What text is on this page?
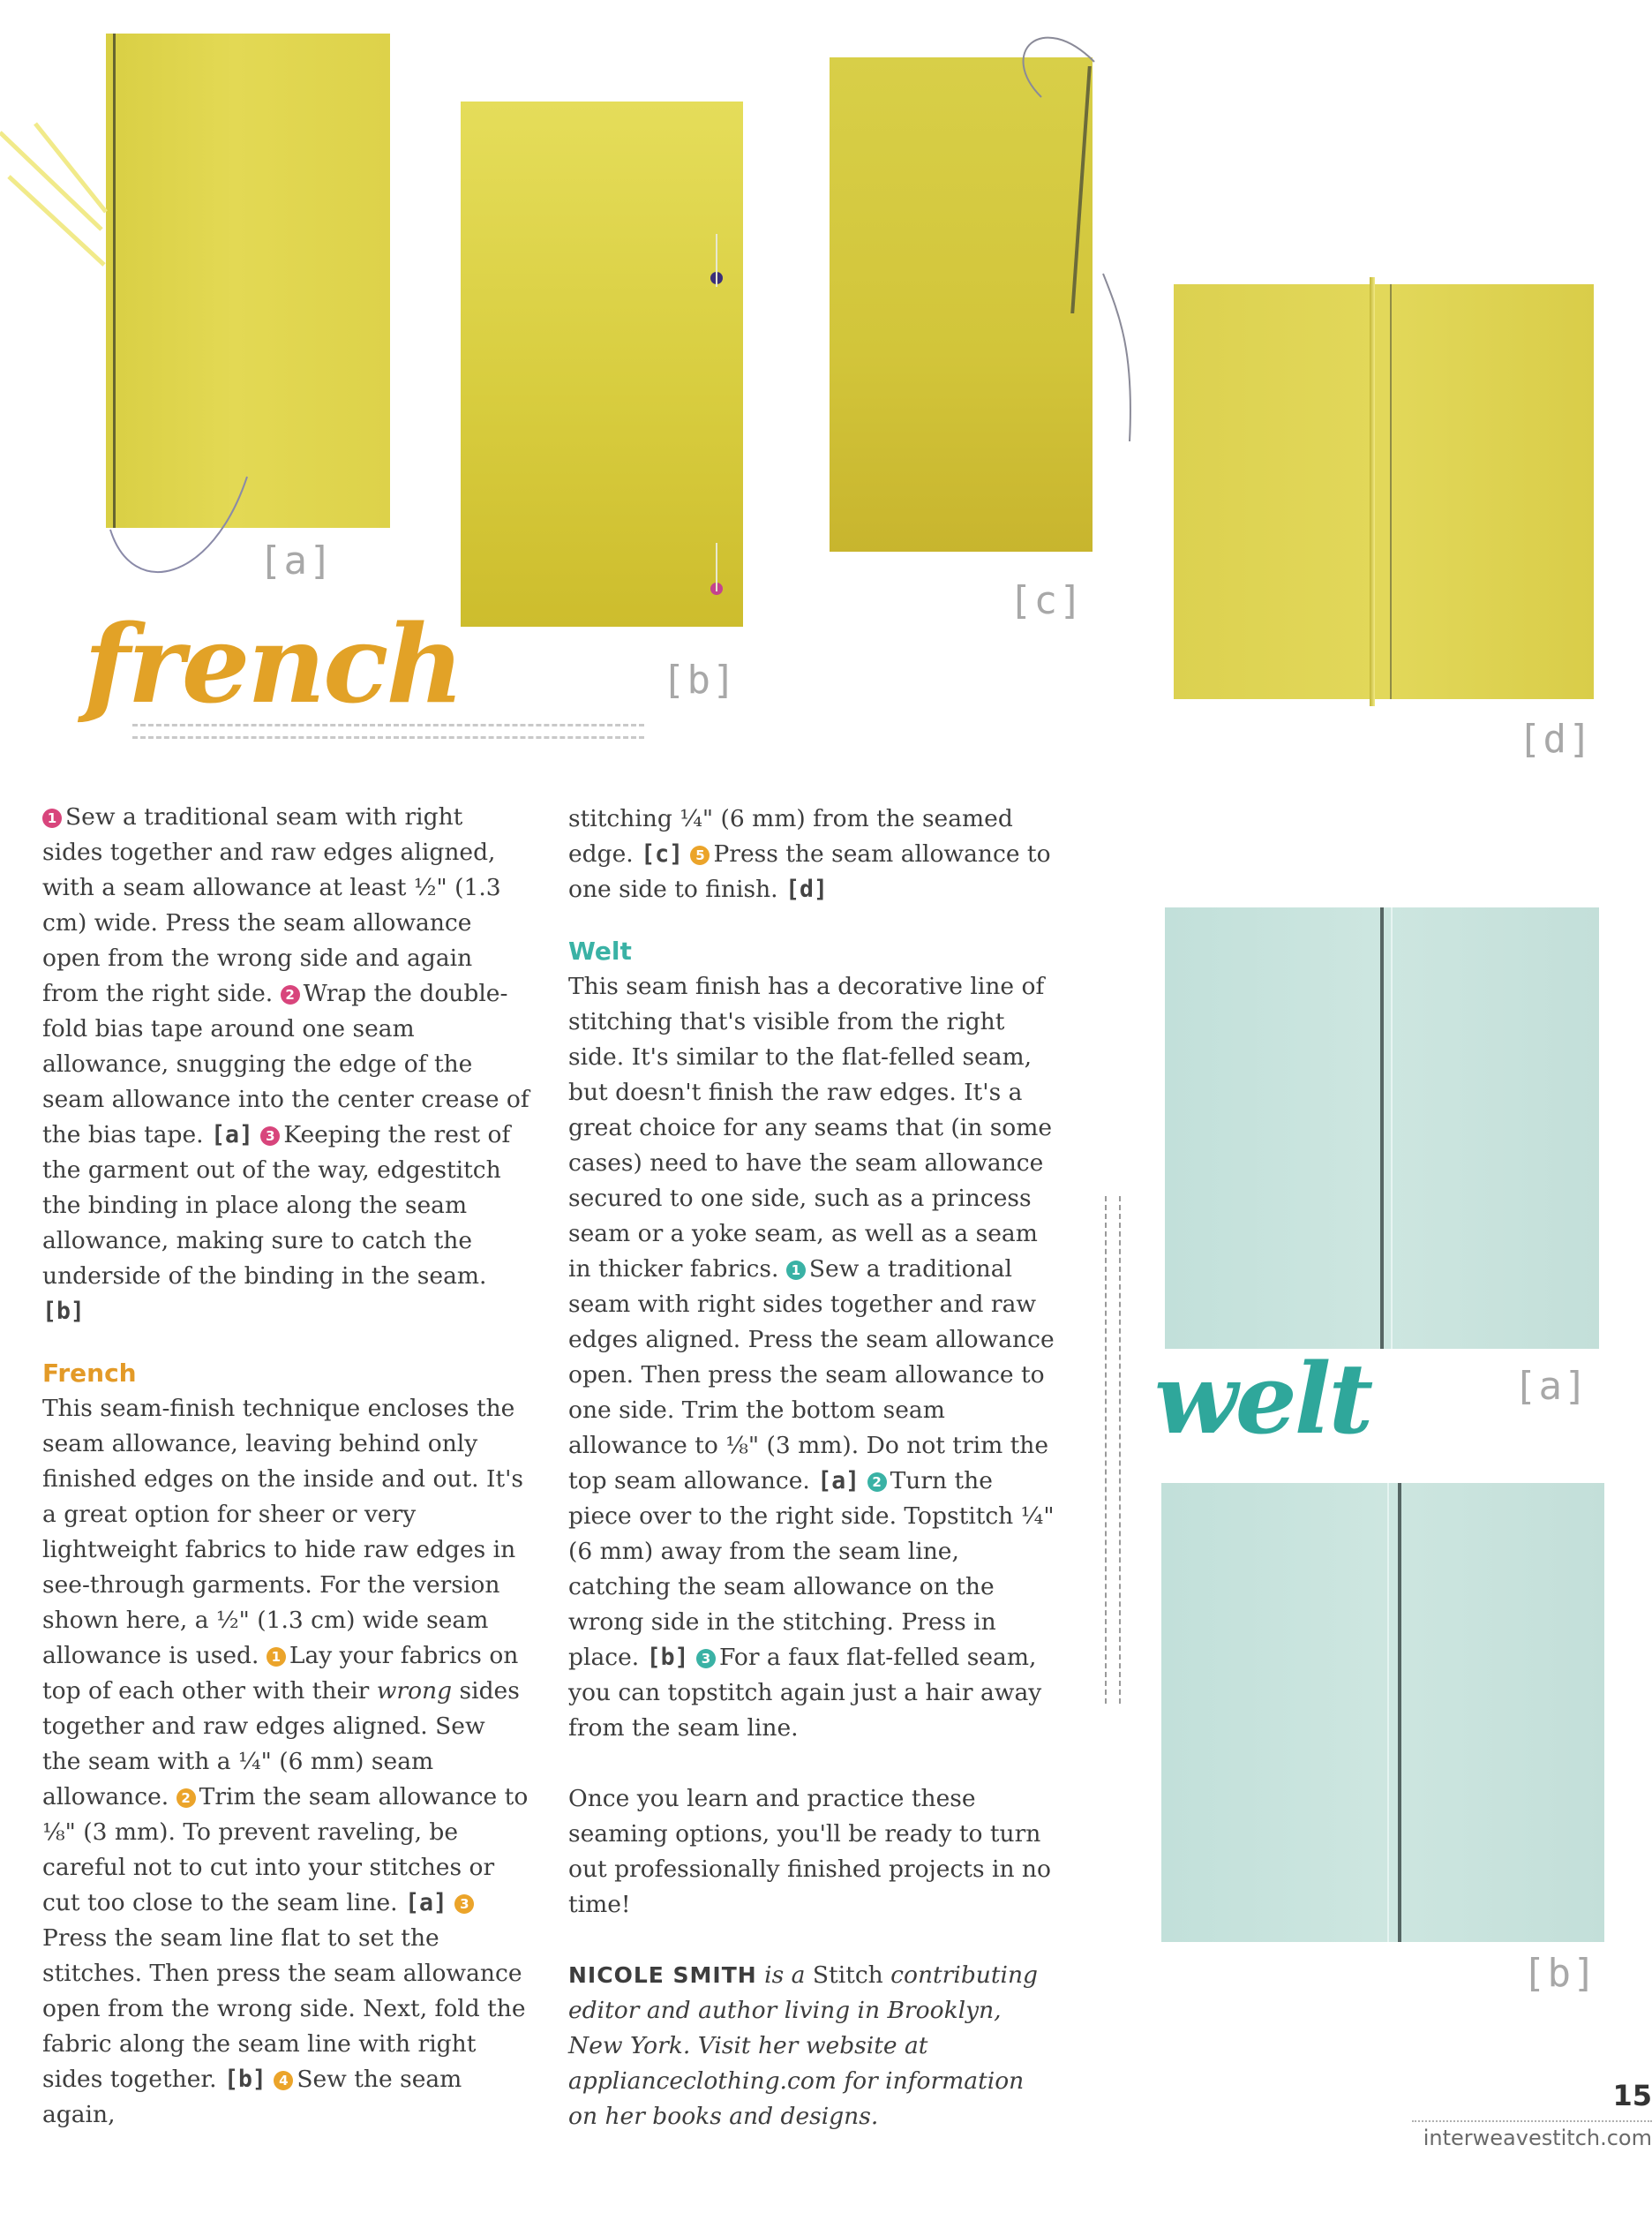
[a]
[b]
[c]
[d]
french
[a]
welt
[b]

1 Sew a traditional seam with right sides together and raw edges aligned, with a seam allowance at least ½" (1.3 cm) wide. Press the seam allowance open from the wrong side and again from the right side. 2 Wrap the double-fold bias tape around one seam allowance, snugging the edge of the seam allowance into the center crease of the bias tape. [a] 3 Keeping the rest of the garment out of the way, edgestitch the binding in place along the seam allowance, making sure to catch the underside of the binding in the seam. [b]

French

This seam-finish technique encloses the seam allowance, leaving behind only finished edges on the inside and out. It's a great option for sheer or very lightweight fabrics to hide raw edges in see-through garments. For the version shown here, a ½" (1.3 cm) wide seam allowance is used. 1 Lay your fabrics on top of each other with their wrong sides together and raw edges aligned. Sew the seam with a ¼" (6 mm) seam allowance. 2 Trim the seam allowance to ⅛" (3 mm). To prevent raveling, be careful not to cut into your stitches or cut too close to the seam line. [a] 3Press the seam line flat to set the stitches. Then press the seam allowance open from the wrong side. Next, fold the fabric along the seam line with right sides together. [b] 4 Sew the seam again,

stitching ¼" (6 mm) from the seamed edge. [c] 5 Press the seam allowance to one side to finish. [d]

Welt

This seam finish has a decorative line of stitching that's visible from the right side. It's similar to the flat-felled seam, but doesn't finish the raw edges. It's a great choice for any seams that (in some cases) need to have the seam allowance secured to one side, such as a princess seam or a yoke seam, as well as a seam in thicker fabrics. 1 Sew a traditional seam with right sides together and raw edges aligned. Press the seam allowance open. Then press the seam allowance to one side. Trim the bottom seam allowance to ⅛" (3 mm). Do not trim the top seam allowance. [a] 2 Turn the piece over to the right side. Topstitch ¼" (6 mm) away from the seam line, catching the seam allowance on the wrong side in the stitching. Press in place. [b] 3 For a faux flat-felled seam, you can topstitch again just a hair away from the seam line.

Once you learn and practice these seaming options, you'll be ready to turn out professionally finished projects in no time!

NICOLE SMITH is a Stitch contributing editor and author living in Brooklyn, New York. Visit her website at applianceclothing.com for information on her books and designs.

15
interweavestitch.com
